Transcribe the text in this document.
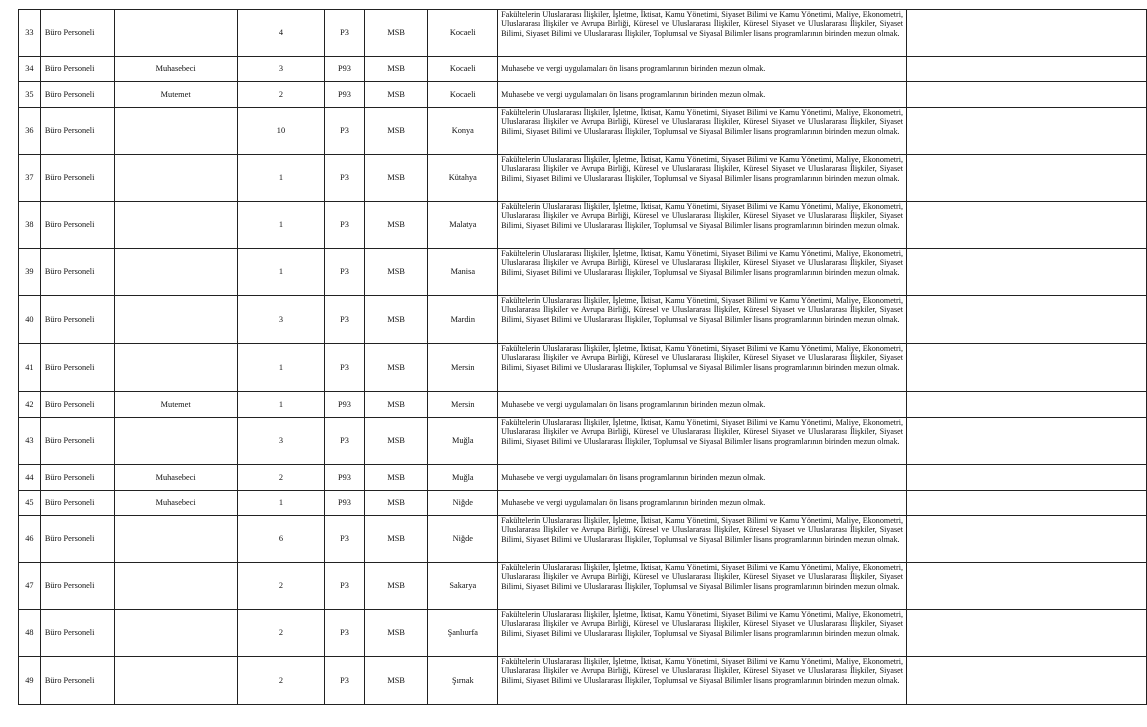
33	Büro Personeli		4	P3	MSB	Kocaeli	Fakültelerin Uluslararası İlişkiler, İşletme, İktisat, Kamu Yönetimi, Siyaset Bilimi ve Kamu Yönetimi, Maliye, Ekonometri, Uluslararası İlişkiler ve Avrupa Birliği, Küresel ve Uluslararası İlişkiler, Küresel Siyaset ve Uluslararası İlişkiler, Siyaset Bilimi, Siyaset Bilimi ve Uluslararası İlişkiler, Toplumsal ve Siyasal Bilimler lisans programlarının birinden mezun olmak.	
34	Büro Personeli	Muhasebeci	3	P93	MSB	Kocaeli	Muhasebe ve vergi uygulamaları ön lisans programlarının birinden mezun olmak.	
35	Büro Personeli	Mutemet	2	P93	MSB	Kocaeli	Muhasebe ve vergi uygulamaları ön lisans programlarının birinden mezun olmak.	
36	Büro Personeli		10	P3	MSB	Konya	Fakültelerin Uluslararası İlişkiler, İşletme, İktisat, Kamu Yönetimi, Siyaset Bilimi ve Kamu Yönetimi, Maliye, Ekonometri, Uluslararası İlişkiler ve Avrupa Birliği, Küresel ve Uluslararası İlişkiler, Küresel Siyaset ve Uluslararası İlişkiler, Siyaset Bilimi, Siyaset Bilimi ve Uluslararası İlişkiler, Toplumsal ve Siyasal Bilimler lisans programlarının birinden mezun olmak.	
37	Büro Personeli		1	P3	MSB	Kütahya	Fakültelerin Uluslararası İlişkiler, İşletme, İktisat, Kamu Yönetimi, Siyaset Bilimi ve Kamu Yönetimi, Maliye, Ekonometri, Uluslararası İlişkiler ve Avrupa Birliği, Küresel ve Uluslararası İlişkiler, Küresel Siyaset ve Uluslararası İlişkiler, Siyaset Bilimi, Siyaset Bilimi ve Uluslararası İlişkiler, Toplumsal ve Siyasal Bilimler lisans programlarının birinden mezun olmak.	
38	Büro Personeli		1	P3	MSB	Malatya	Fakültelerin Uluslararası İlişkiler, İşletme, İktisat, Kamu Yönetimi, Siyaset Bilimi ve Kamu Yönetimi, Maliye, Ekonometri, Uluslararası İlişkiler ve Avrupa Birliği, Küresel ve Uluslararası İlişkiler, Küresel Siyaset ve Uluslararası İlişkiler, Siyaset Bilimi, Siyaset Bilimi ve Uluslararası İlişkiler, Toplumsal ve Siyasal Bilimler lisans programlarının birinden mezun olmak.	
39	Büro Personeli		1	P3	MSB	Manisa	Fakültelerin Uluslararası İlişkiler, İşletme, İktisat, Kamu Yönetimi, Siyaset Bilimi ve Kamu Yönetimi, Maliye, Ekonometri, Uluslararası İlişkiler ve Avrupa Birliği, Küresel ve Uluslararası İlişkiler, Küresel Siyaset ve Uluslararası İlişkiler, Siyaset Bilimi, Siyaset Bilimi ve Uluslararası İlişkiler, Toplumsal ve Siyasal Bilimler lisans programlarının birinden mezun olmak.	
40	Büro Personeli		3	P3	MSB	Mardin	Fakültelerin Uluslararası İlişkiler, İşletme, İktisat, Kamu Yönetimi, Siyaset Bilimi ve Kamu Yönetimi, Maliye, Ekonometri, Uluslararası İlişkiler ve Avrupa Birliği, Küresel ve Uluslararası İlişkiler, Küresel Siyaset ve Uluslararası İlişkiler, Siyaset Bilimi, Siyaset Bilimi ve Uluslararası İlişkiler, Toplumsal ve Siyasal Bilimler lisans programlarının birinden mezun olmak.	
41	Büro Personeli		1	P3	MSB	Mersin	Fakültelerin Uluslararası İlişkiler, İşletme, İktisat, Kamu Yönetimi, Siyaset Bilimi ve Kamu Yönetimi, Maliye, Ekonometri, Uluslararası İlişkiler ve Avrupa Birliği, Küresel ve Uluslararası İlişkiler, Küresel Siyaset ve Uluslararası İlişkiler, Siyaset Bilimi, Siyaset Bilimi ve Uluslararası İlişkiler, Toplumsal ve Siyasal Bilimler lisans programlarının birinden mezun olmak.	
42	Büro Personeli	Mutemet	1	P93	MSB	Mersin	Muhasebe ve vergi uygulamaları ön lisans programlarının birinden mezun olmak.	
43	Büro Personeli		3	P3	MSB	Muğla	Fakültelerin Uluslararası İlişkiler, İşletme, İktisat, Kamu Yönetimi, Siyaset Bilimi ve Kamu Yönetimi, Maliye, Ekonometri, Uluslararası İlişkiler ve Avrupa Birliği, Küresel ve Uluslararası İlişkiler, Küresel Siyaset ve Uluslararası İlişkiler, Siyaset Bilimi, Siyaset Bilimi ve Uluslararası İlişkiler, Toplumsal ve Siyasal Bilimler lisans programlarının birinden mezun olmak.	
44	Büro Personeli	Muhasebeci	2	P93	MSB	Muğla	Muhasebe ve vergi uygulamaları ön lisans programlarının birinden mezun olmak.	
45	Büro Personeli	Muhasebeci	1	P93	MSB	Niğde	Muhasebe ve vergi uygulamaları ön lisans programlarının birinden mezun olmak.	
46	Büro Personeli		6	P3	MSB	Niğde	Fakültelerin Uluslararası İlişkiler, İşletme, İktisat, Kamu Yönetimi, Siyaset Bilimi ve Kamu Yönetimi, Maliye, Ekonometri, Uluslararası İlişkiler ve Avrupa Birliği, Küresel ve Uluslararası İlişkiler, Küresel Siyaset ve Uluslararası İlişkiler, Siyaset Bilimi, Siyaset Bilimi ve Uluslararası İlişkiler, Toplumsal ve Siyasal Bilimler lisans programlarının birinden mezun olmak.	
47	Büro Personeli		2	P3	MSB	Sakarya	Fakültelerin Uluslararası İlişkiler, İşletme, İktisat, Kamu Yönetimi, Siyaset Bilimi ve Kamu Yönetimi, Maliye, Ekonometri, Uluslararası İlişkiler ve Avrupa Birliği, Küresel ve Uluslararası İlişkiler, Küresel Siyaset ve Uluslararası İlişkiler, Siyaset Bilimi, Siyaset Bilimi ve Uluslararası İlişkiler, Toplumsal ve Siyasal Bilimler lisans programlarının birinden mezun olmak.	
48	Büro Personeli		2	P3	MSB	Şanlıurfa	Fakültelerin Uluslararası İlişkiler, İşletme, İktisat, Kamu Yönetimi, Siyaset Bilimi ve Kamu Yönetimi, Maliye, Ekonometri, Uluslararası İlişkiler ve Avrupa Birliği, Küresel ve Uluslararası İlişkiler, Küresel Siyaset ve Uluslararası İlişkiler, Siyaset Bilimi, Siyaset Bilimi ve Uluslararası İlişkiler, Toplumsal ve Siyasal Bilimler lisans programlarının birinden mezun olmak.	
49	Büro Personeli		2	P3	MSB	Şırnak	Fakültelerin Uluslararası İlişkiler, İşletme, İktisat, Kamu Yönetimi, Siyaset Bilimi ve Kamu Yönetimi, Maliye, Ekonometri, Uluslararası İlişkiler ve Avrupa Birliği, Küresel ve Uluslararası İlişkiler, Küresel Siyaset ve Uluslararası İlişkiler, Siyaset Bilimi, Siyaset Bilimi ve Uluslararası İlişkiler, Toplumsal ve Siyasal Bilimler lisans programlarının birinden mezun olmak.	
